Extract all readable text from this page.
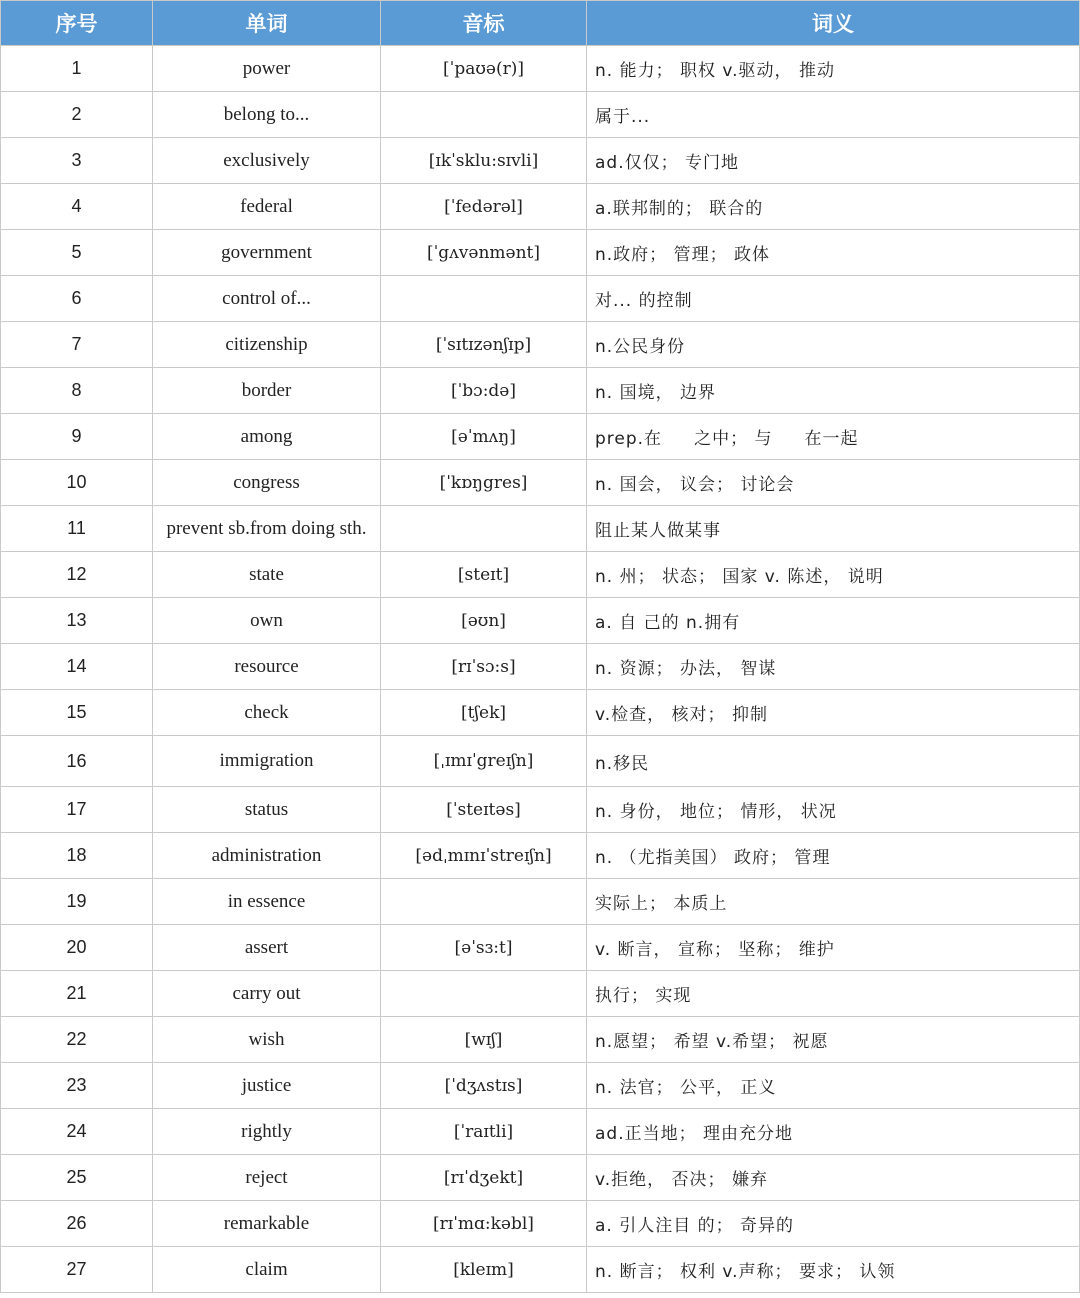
序号	单词	音标	词义
1	power	[ˈpaʊə(r)]	n. 能力； 职权 v.驱动， 推动
2	belong to...		属于...
3	exclusively	[ɪkˈsklu:sɪvli]	ad.仅仅； 专门地
4	federal	[ˈfedərəl]	a.联邦制的； 联合的
5	government	[ˈgʌvənmənt]	n.政府； 管理； 政体
6	control of...		对... 的控制
7	citizenship	[ˈsɪtɪzənʃɪp]	n.公民身份
8	border	[ˈbɔ:də]	n. 国境， 边界
9	among	[əˈmʌŋ]	prep.在     之中； 与     在一起
10	congress	[ˈkɒŋgres]	n. 国会， 议会； 讨论会
11	prevent sb.from doing sth.		阻止某人做某事
12	state	[steɪt]	n. 州； 状态； 国家 v. 陈述， 说明
13	own	[əʊn]	a. 自 己的 n.拥有
14	resource	[rɪˈsɔ:s]	n. 资源； 办法， 智谋
15	check	[tʃek]	v.检查， 核对； 抑制
16	immigration	[ˌɪmɪˈgreɪʃn]	n.移民
17	status	[ˈsteɪtəs]	n. 身份， 地位； 情形， 状况
18	administration	[ədˌmɪnɪˈstreɪʃn]	n. （尤指美国） 政府； 管理
19	in essence		实际上； 本质上
20	assert	[əˈsɜ:t]	v. 断言， 宣称； 坚称； 维护
21	carry out		执行； 实现
22	wish	[wɪʃ]	n.愿望； 希望 v.希望； 祝愿
23	justice	[ˈdʒʌstɪs]	n. 法官； 公平， 正义
24	rightly	[ˈraɪtli]	ad.正当地； 理由充分地
25	reject	[rɪˈdʒekt]	v.拒绝， 否决； 嫌弃
26	remarkable	[rɪˈmɑ:kəbl]	a. 引人注目 的； 奇异的
27	claim	[kleɪm]	n. 断言； 权利 v.声称； 要求； 认领
